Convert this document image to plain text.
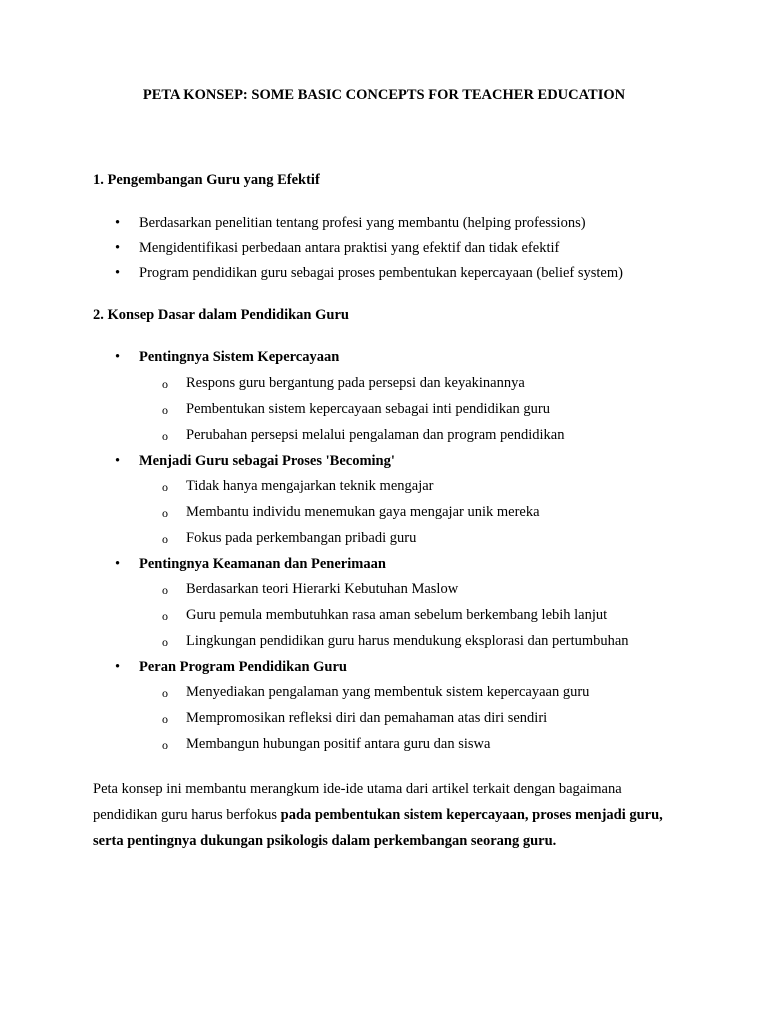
PETA KONSEP: SOME BASIC CONCEPTS FOR TEACHER EDUCATION
1. Pengembangan Guru yang Efektif
• Berdasarkan penelitian tentang profesi yang membantu (helping professions)
• Mengidentifikasi perbedaan antara praktisi yang efektif dan tidak efektif
• Program pendidikan guru sebagai proses pembentukan kepercayaan (belief system)
2. Konsep Dasar dalam Pendidikan Guru
• Pentingnya Sistem Kepercayaan
o Respons guru bergantung pada persepsi dan keyakinannya
o Pembentukan sistem kepercayaan sebagai inti pendidikan guru
o Perubahan persepsi melalui pengalaman dan program pendidikan
• Menjadi Guru sebagai Proses 'Becoming'
o Tidak hanya mengajarkan teknik mengajar
o Membantu individu menemukan gaya mengajar unik mereka
o Fokus pada perkembangan pribadi guru
• Pentingnya Keamanan dan Penerimaan
o Berdasarkan teori Hierarki Kebutuhan Maslow
o Guru pemula membutuhkan rasa aman sebelum berkembang lebih lanjut
o Lingkungan pendidikan guru harus mendukung eksplorasi dan pertumbuhan
• Peran Program Pendidikan Guru
o Menyediakan pengalaman yang membentuk sistem kepercayaan guru
o Mempromosikan refleksi diri dan pemahaman atas diri sendiri
o Membangun hubungan positif antara guru dan siswa
Peta konsep ini membantu merangkum ide-ide utama dari artikel terkait dengan bagaimana pendidikan guru harus berfokus pada pembentukan sistem kepercayaan, proses menjadi guru, serta pentingnya dukungan psikologis dalam perkembangan seorang guru.
